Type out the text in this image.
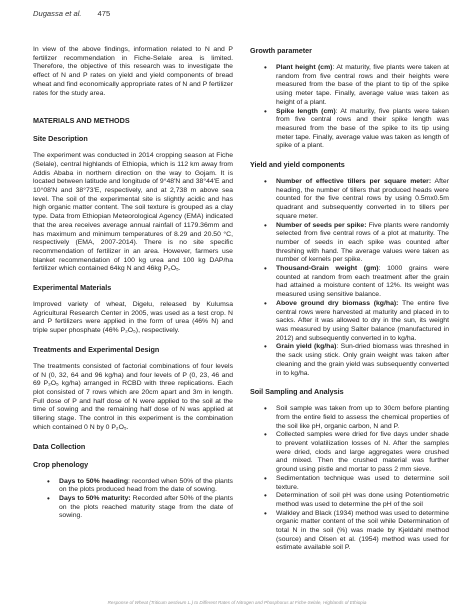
Dugassa et al. 475

In view of the above findings, information related to N and P fertilizer recommendation in Fiche-Selale area is limited. Therefore, the objective of this research was to investigate the effect of N and P rates on yield and yield components of bread wheat and find economically appropriate rates of N and P fertilizer rates for the study area.

MATERIALS AND METHODS
Site Description

The experiment was conducted in 2014 cropping season at Fiche (Selale), central highlands of Ethiopia, which is 112 km away from Addis Ababa in northern direction on the way to Gojam. It is located between latitude and longitude of 9°48'N and 38°44'E and 10°08'N and 38°73'E, respectively, and at 2,738 m above sea level. The soil of the experimental site is slightly acidic and has high organic matter content. The soil texture is grouped as a clay type. Data from Ethiopian Meteorological Agency (EMA) indicated that the area receives average annual rainfall of 1179.36mm and has maximum and minimum temperatures of 8.29 and 20.50 °C, respectively (EMA, 2007-2014). There is no site specific recommendation of fertilizer in an area. However, farmers use blanket recommendation of 100 kg urea and 100 kg DAP/ha fertilizer which contained 64kg N and 46kg P₂O₅.

Experimental Materials

Improved variety of wheat, Digelu, released by Kulumsa Agricultural Research Center in 2005, was used as a test crop. N and P fertilizers were applied in the form of urea (46% N) and triple super phosphate (46% P₂O₅), respectively.

Treatments and Experimental Design

The treatments consisted of factorial combinations of four levels of N (0, 32, 64 and 96 kg/ha) and four levels of P (0, 23, 46 and 69 P₂O₅ kg/ha) arranged in RCBD with three replications. Each plot consisted of 7 rows which are 20cm apart and 3m in length. Full dose of P and half dose of N were applied to the soil at the time of sowing and the remaining half dose of N was applied at tillering stage. The control in this experiment is the combination which contained 0 N by 0 P₂O₅.

Data Collection
Crop phenology
• Days to 50% heading: recorded when 50% of the plants on the plots produced head from the date of sowing.
• Days to 50% maturity: Recorded after 50% of the plants on the plots reached maturity stage from the date of sowing.
Growth parameter
• Plant height (cm): At maturity, five plants were taken at random from five central rows and their heights were measured from the base of the plant to tip of the spike using meter tape. Finally, average value was taken as height of a plant.
• Spike length (cm): At maturity, five plants were taken from five central rows and their spike length was measured from the base of the spike to its tip using meter tape. Finally, average value was taken as length of spike of a plant.
Yield and yield components
• Number of effective tillers per square meter: After heading, the number of tillers that produced heads were counted for the five central rows by using 0.5mx0.5m quadrant and subsequently converted in to tillers per square meter.
• Number of seeds per spike: Five plants were randomly selected from five central rows of a plot at maturity. The number of seeds in each spike was counted after threshing with hand. The average values were taken as number of kernels per spike.
• Thousand-Grain weight (gm): 1000 grains were counted at random from each treatment after the grain had attained a moisture content of 12%. Its weight was measured using sensitive balance.
• Above ground dry biomass (kg/ha): The entire five central rows were harvested at maturity and placed in to sacks. After it was allowed to dry in the sun, its weight was measured by using Salter balance (manufactured in 2012) and subsequently converted in to kg/ha.
• Grain yield (kg/ha): Sun-dried biomass was threshed in the sack using stick. Only grain weight was taken after cleaning and the grain yield was subsequently converted in to kg/ha.
Soil Sampling and Analysis
• Soil sample was taken from up to 30cm before planting from the entire field to assess the chemical properties of the soil like pH, organic carbon, N and P.
• Collected samples were dried for five days under shade to prevent volatilization losses of N. After the samples were dried, clods and large aggregates were crushed and mixed. Then the crushed material was further ground using pistle and mortar to pass 2 mm sieve.
• Sedimentation technique was used to determine soil texture.
• Determination of soil pH was done using Potentiometric method was used to determine the pH of the soil
• Walkley and Black (1934) method was used to determine organic matter content of the soil while Determination of total N in the soil (%) was made by Kjeldahl method (source) and Olsen et al. (1954) method was used for estimate available soil P.
Response of Wheat (Triticum aestivum L.) to Different Rates of Nitrogen and Phosphorus at Fiche-Selale, Highlands of Ethiopia
